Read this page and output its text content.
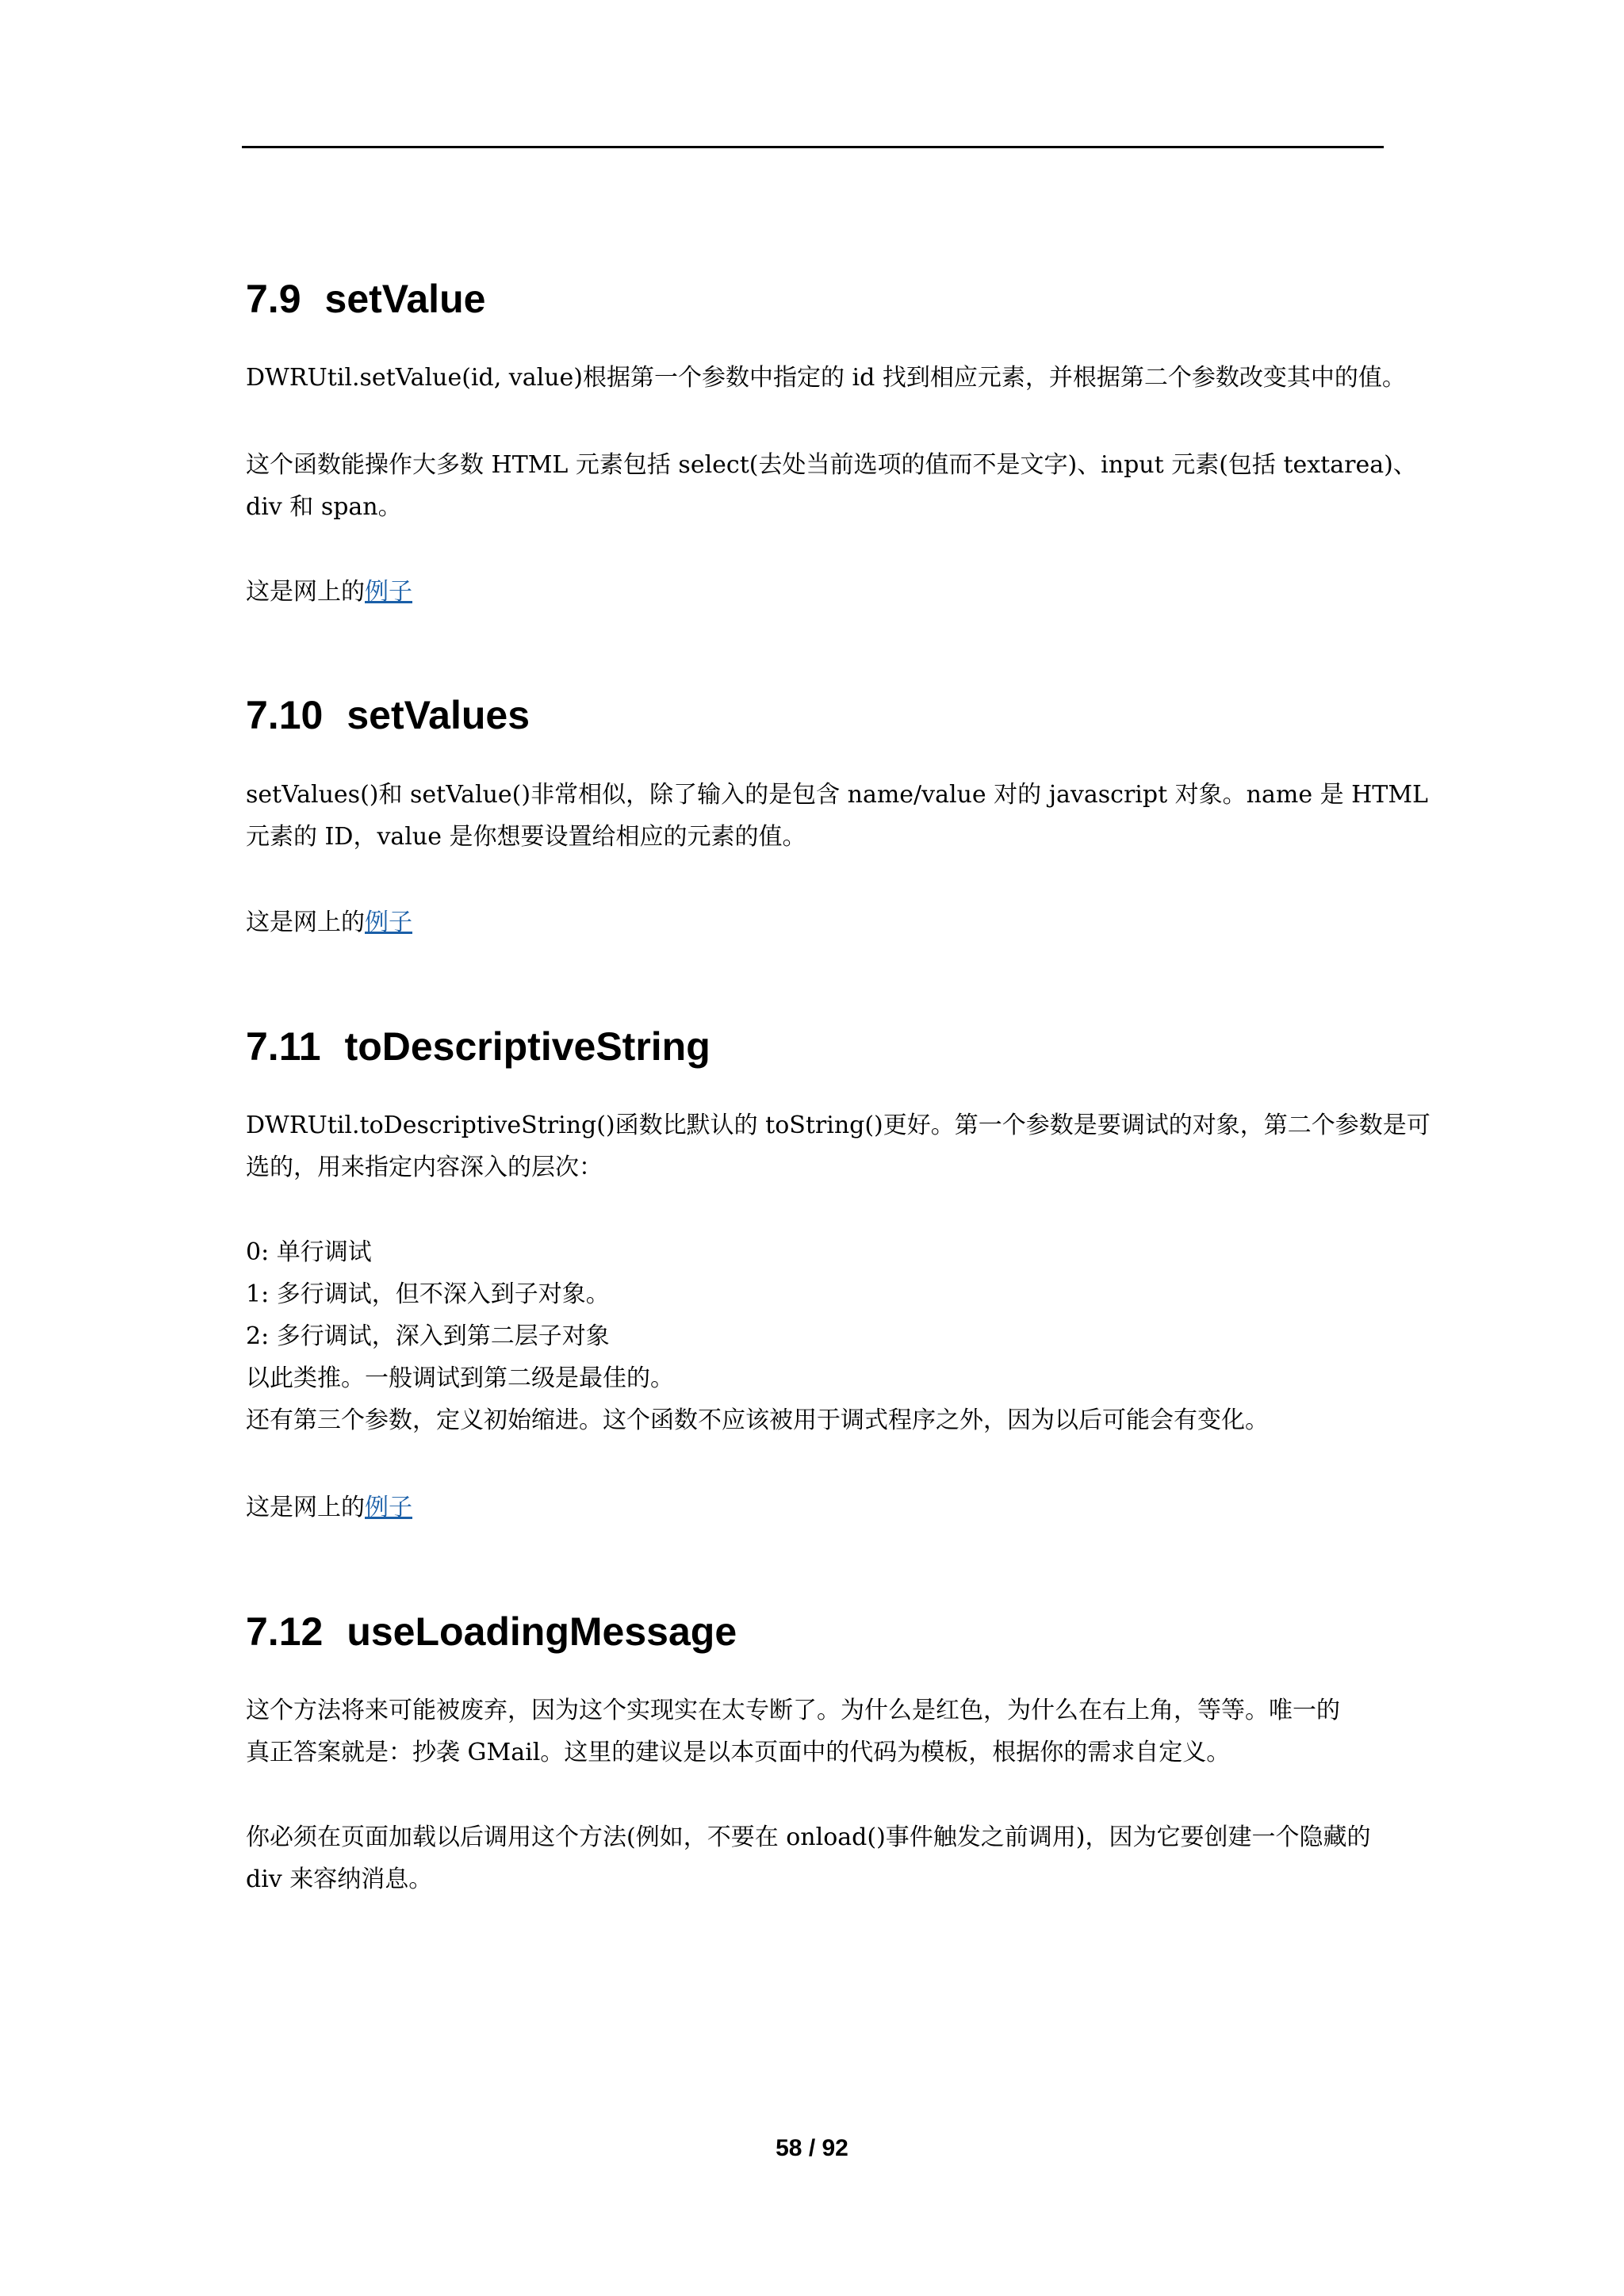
7.9 setValue
DWRUtil.setValue(id, value)根据第一个参数中指定的 id 找到相应元素，并根据第二个参数改变其中的值。
这个函数能操作大多数 HTML 元素包括 select(去处当前选项的值而不是文字)、input 元素(包括 textarea)、
div 和 span。
这是网上的例子
7.10 setValues
setValues()和 setValue()非常相似，除了输入的是包含 name/value 对的 javascript 对象。name 是 HTML
元素的 ID，value 是你想要设置给相应的元素的值。
这是网上的例子
7.11 toDescriptiveString
DWRUtil.toDescriptiveString()函数比默认的 toString()更好。第一个参数是要调试的对象，第二个参数是可
选的，用来指定内容深入的层次：
0: 单行调试
1: 多行调试，但不深入到子对象。
2: 多行调试，深入到第二层子对象
以此类推。一般调试到第二级是最佳的。
还有第三个参数，定义初始缩进。这个函数不应该被用于调式程序之外，因为以后可能会有变化。
这是网上的例子
7.12 useLoadingMessage
这个方法将来可能被废弃，因为这个实现实在太专断了。为什么是红色，为什么在右上角，等等。唯一的
真正答案就是：抄袭 GMail。这里的建议是以本页面中的代码为模板，根据你的需求自定义。
你必须在页面加载以后调用这个方法(例如，不要在 onload()事件触发之前调用)，因为它要创建一个隐藏的
div 来容纳消息。
58 / 92
